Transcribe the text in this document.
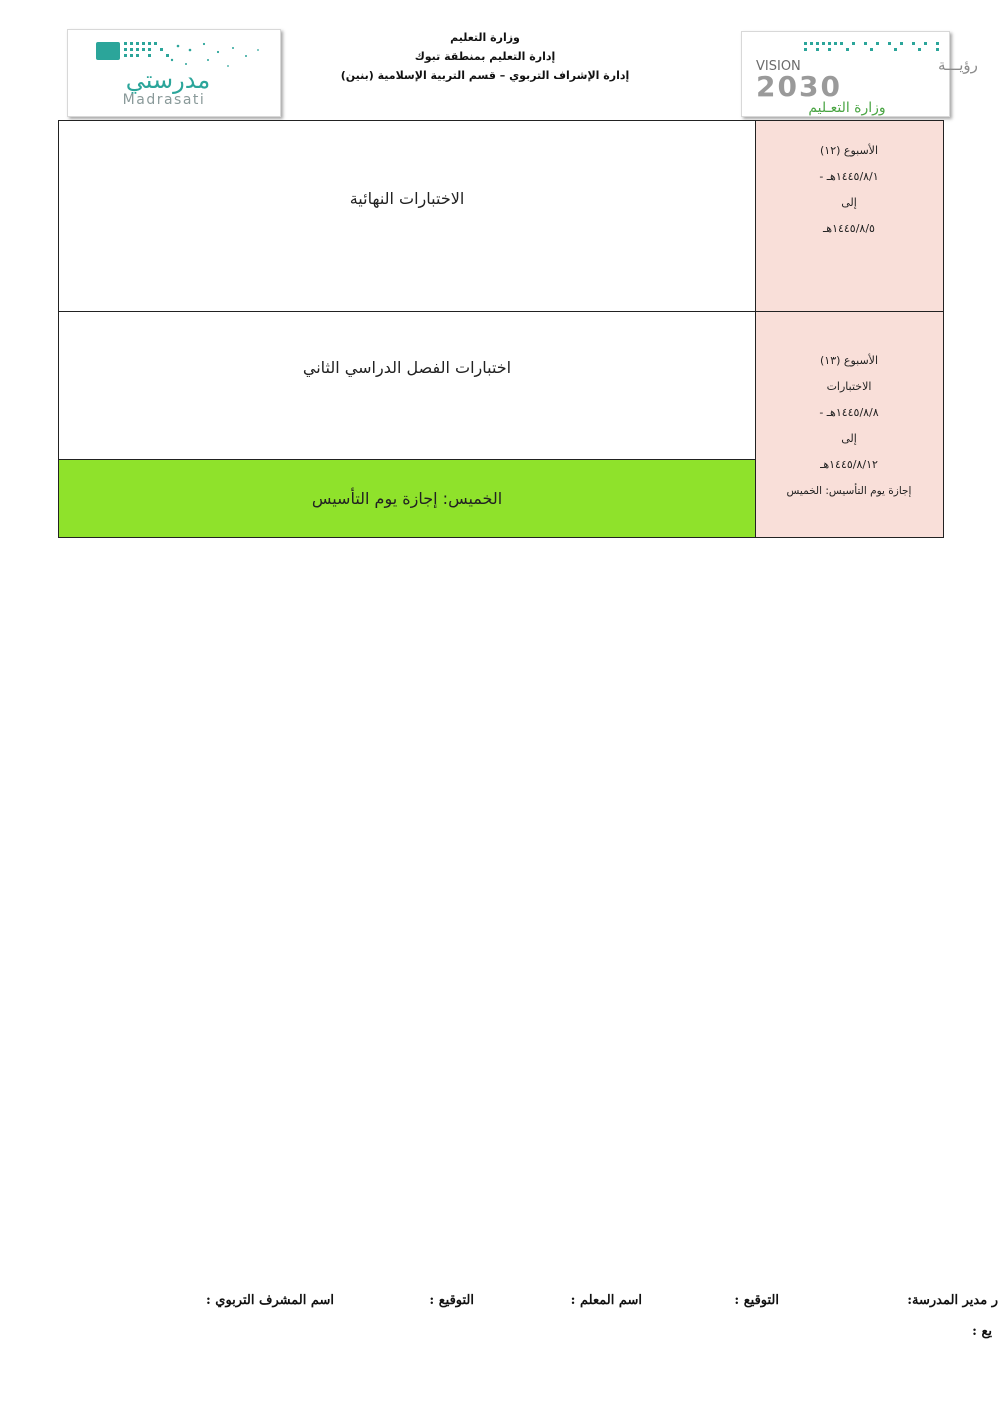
مدرستي
Madrasati
وزارة التعليم
إدارة التعليم بمنطقة تبوك
إدارة الإشراف التربوي – قسم التربية الإسلامية (بنين)
VISION	رؤيـــة
2030
وزارة التعـليم
الأسبوع (١٢)
١٤٤٥/٨/١هـ -
إلى
١٤٤٥/٨/٥هـ
الاختبارات النهائية
الأسبوع (١٣)
الاختبارات
١٤٤٥/٨/٨هـ -
إلى
١٤٤٥/٨/١٢هـ
إجازة يوم التأسيس: الخميس
اختبارات الفصل الدراسي الثاني
الخميس: إجازة يوم التأسيس
ر مدير المدرسة:
التوقيع :
اسم المعلم :
التوقيع :
اسم المشرف التربوي :
يع :
